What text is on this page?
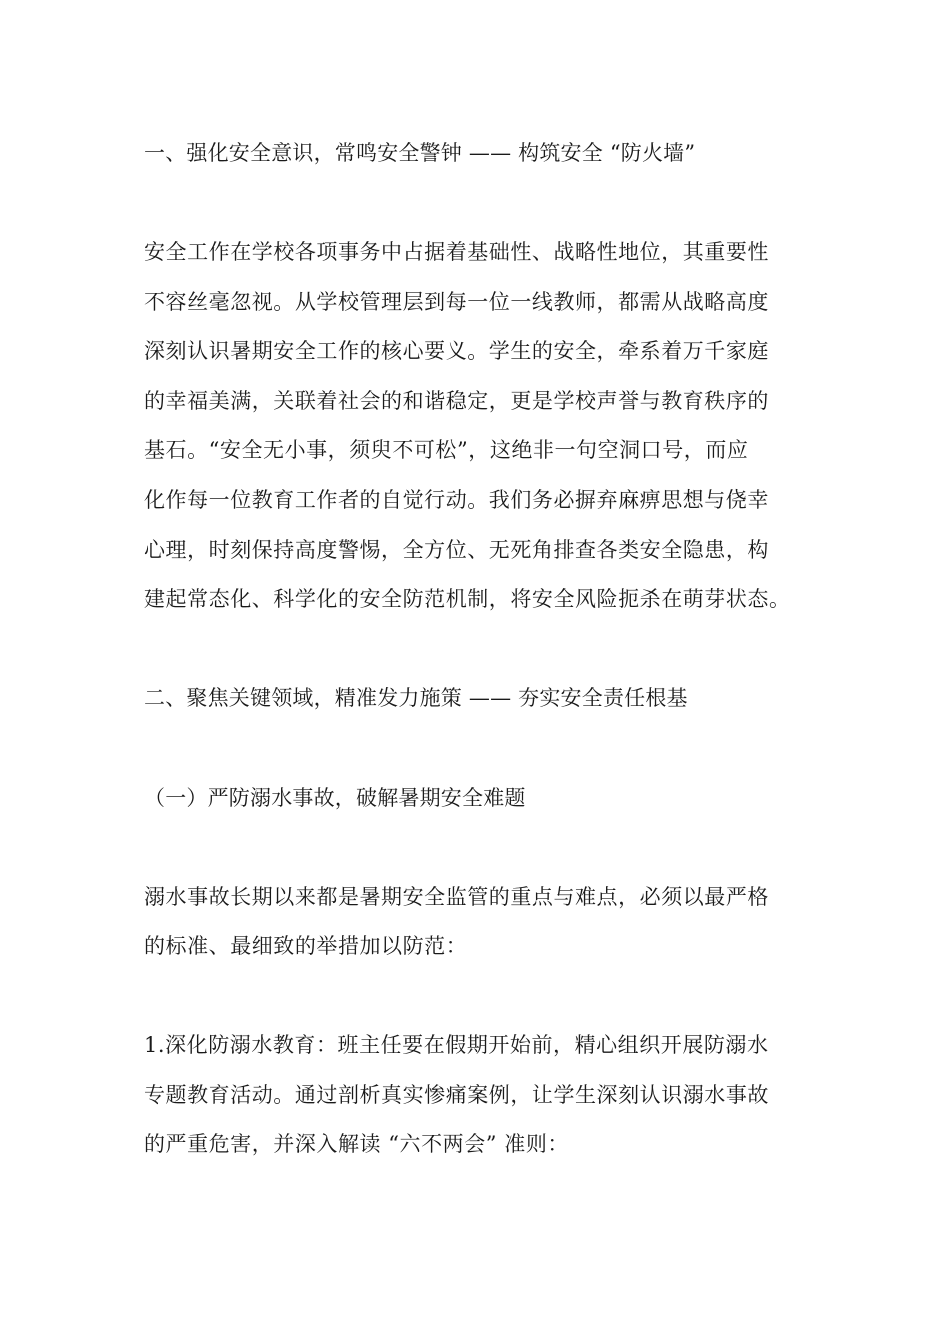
一、强化安全意识，常鸣安全警钟 —— 构筑安全 “防火墙”
安全工作在学校各项事务中占据着基础性、战略性地位，其重要性
不容丝毫忽视。从学校管理层到每一位一线教师，都需从战略高度
深刻认识暑期安全工作的核心要义。学生的安全，牵系着万千家庭
的幸福美满，关联着社会的和谐稳定，更是学校声誉与教育秩序的
基石。“安全无小事，须臾不可松”，这绝非一句空洞口号，而应
化作每一位教育工作者的自觉行动。我们务必摒弃麻痹思想与侥幸
心理，时刻保持高度警惕，全方位、无死角排查各类安全隐患，构
建起常态化、科学化的安全防范机制，将安全风险扼杀在萌芽状态。
二、聚焦关键领域，精准发力施策 —— 夯实安全责任根基
（一）严防溺水事故，破解暑期安全难题
溺水事故长期以来都是暑期安全监管的重点与难点，必须以最严格
的标准、最细致的举措加以防范：
1.深化防溺水教育：班主任要在假期开始前，精心组织开展防溺水
专题教育活动。通过剖析真实惨痛案例，让学生深刻认识溺水事故
的严重危害，并深入解读 “六不两会” 准则：
